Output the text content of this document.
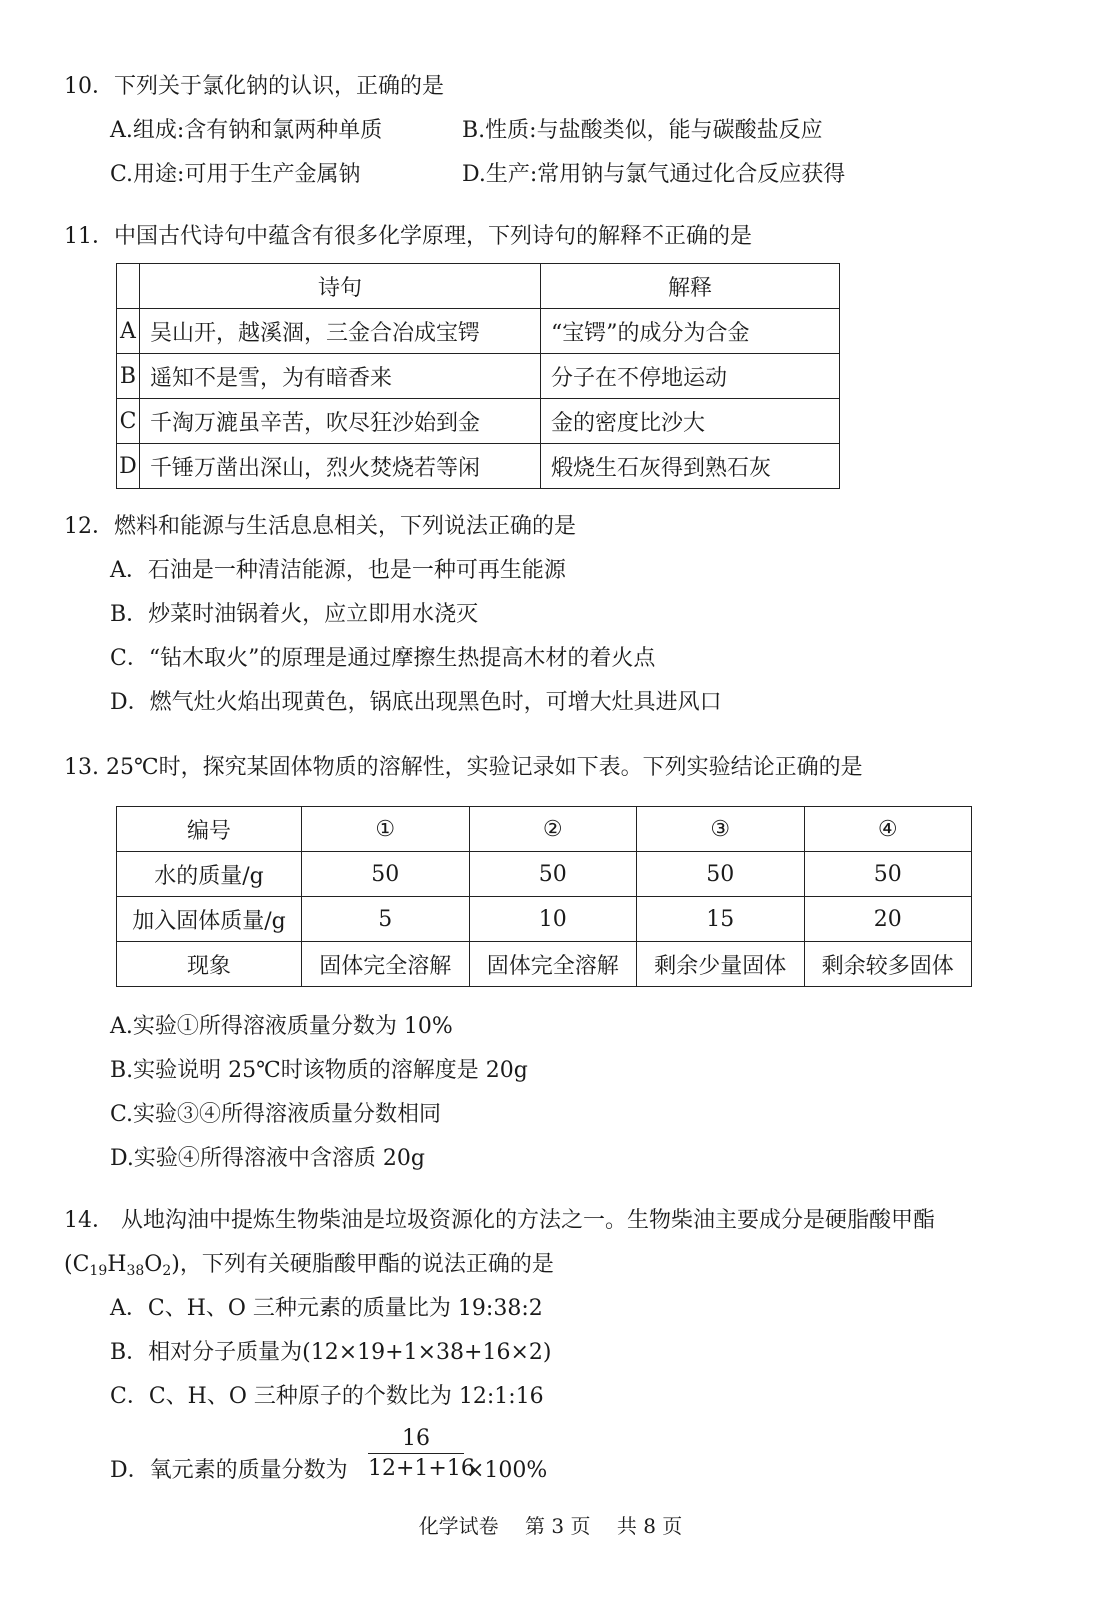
10．下列关于氯化钠的认识，正确的是
A.组成:含有钠和氯两种单质	B.性质:与盐酸类似，能与碳酸盐反应
C.用途:可用于生产金属钠	D.生产:常用钠与氯气通过化合反应获得
11．中国古代诗句中蕴含有很多化学原理，下列诗句的解释不正确的是
	诗句	解释
A	吴山开，越溪涸，三金合冶成宝锷	“宝锷”的成分为合金
B	遥知不是雪，为有暗香来	分子在不停地运动
C	千淘万漉虽辛苦，吹尽狂沙始到金	金的密度比沙大
D	千锤万凿出深山，烈火焚烧若等闲	煅烧生石灰得到熟石灰
12．燃料和能源与生活息息相关，下列说法正确的是
A．石油是一种清洁能源，也是一种可再生能源
B．炒菜时油锅着火，应立即用水浇灭
C．“钻木取火”的原理是通过摩擦生热提高木材的着火点
D．燃气灶火焰出现黄色，锅底出现黑色时，可增大灶具进风口
13. 25℃时，探究某固体物质的溶解性，实验记录如下表。下列实验结论正确的是
编号	①	②	③	④
水的质量/g	50	50	50	50
加入固体质量/g	5	10	15	20
现象	固体完全溶解	固体完全溶解	剩余少量固体	剩余较多固体
A.实验①所得溶液质量分数为 10%
B.实验说明 25℃时该物质的溶解度是 20g
C.实验③④所得溶液质量分数相同
D.实验④所得溶液中含溶质 20g
14． 从地沟油中提炼生物柴油是垃圾资源化的方法之一。生物柴油主要成分是硬脂酸甲酯
$(C_{19}H_{38}O_2)$，下列有关硬脂酸甲酯的说法正确的是
A．C、H、O 三种元素的质量比为 19:38:2
B．相对分子质量为(12×19+1×38+16×2)
C．C、H、O 三种原子的个数比为 12:1:16
D．氧元素的质量分数为
16
12+1+16
×100%
化学试卷 第 3 页 共 8 页
